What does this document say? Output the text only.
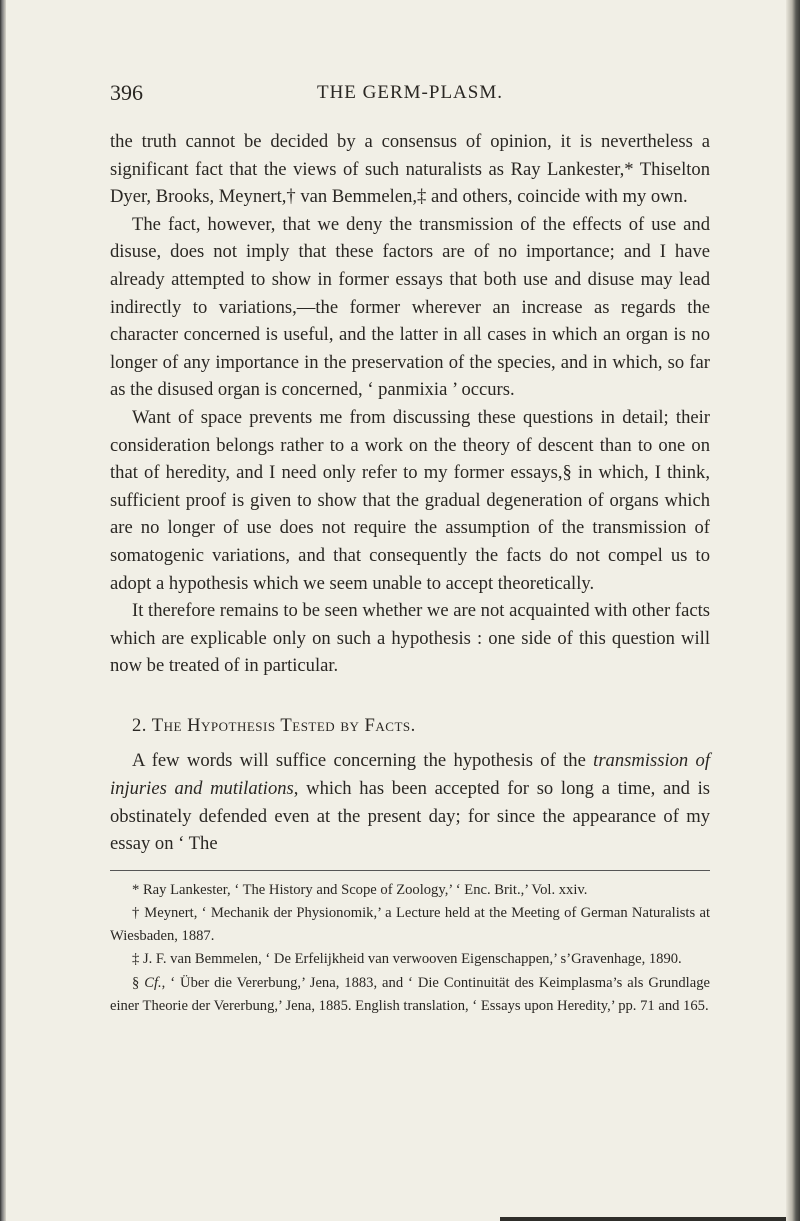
396	THE GERM-PLASM.

the truth cannot be decided by a consensus of opinion, it is nevertheless a significant fact that the views of such naturalists as Ray Lankester,* Thiselton Dyer, Brooks, Meynert,† van Bemmelen,‡ and others, coincide with my own.

The fact, however, that we deny the transmission of the effects of use and disuse, does not imply that these factors are of no importance; and I have already attempted to show in former essays that both use and disuse may lead indirectly to variations,—the former wherever an increase as regards the character concerned is useful, and the latter in all cases in which an organ is no longer of any importance in the preservation of the species, and in which, so far as the disused organ is concerned, ‘ panmixia ’ occurs.

Want of space prevents me from discussing these questions in detail; their consideration belongs rather to a work on the theory of descent than to one on that of heredity, and I need only refer to my former essays,§ in which, I think, sufficient proof is given to show that the gradual degeneration of organs which are no longer of use does not require the assumption of the transmission of somatogenic variations, and that consequently the facts do not compel us to adopt a hypothesis which we seem unable to accept theoretically.

It therefore remains to be seen whether we are not acquainted with other facts which are explicable only on such a hypothesis : one side of this question will now be treated of in particular.

2. The Hypothesis Tested by Facts.

A few words will suffice concerning the hypothesis of the transmission of injuries and mutilations, which has been accepted for so long a time, and is obstinately defended even at the present day; for since the appearance of my essay on ‘ The

* Ray Lankester, ‘ The History and Scope of Zoology,’ ‘ Enc. Brit.,’ Vol. xxiv.

† Meynert, ‘ Mechanik der Physionomik,’ a Lecture held at the Meeting of German Naturalists at Wiesbaden, 1887.

‡ J. F. van Bemmelen, ‘ De Erfelijkheid van verwooven Eigenschappen,’ s’Gravenhage, 1890.

§ Cf., ‘ Über die Vererbung,’ Jena, 1883, and ‘ Die Continuität des Keimplasma’s als Grundlage einer Theorie der Vererbung,’ Jena, 1885. English translation, ‘ Essays upon Heredity,’ pp. 71 and 165.
